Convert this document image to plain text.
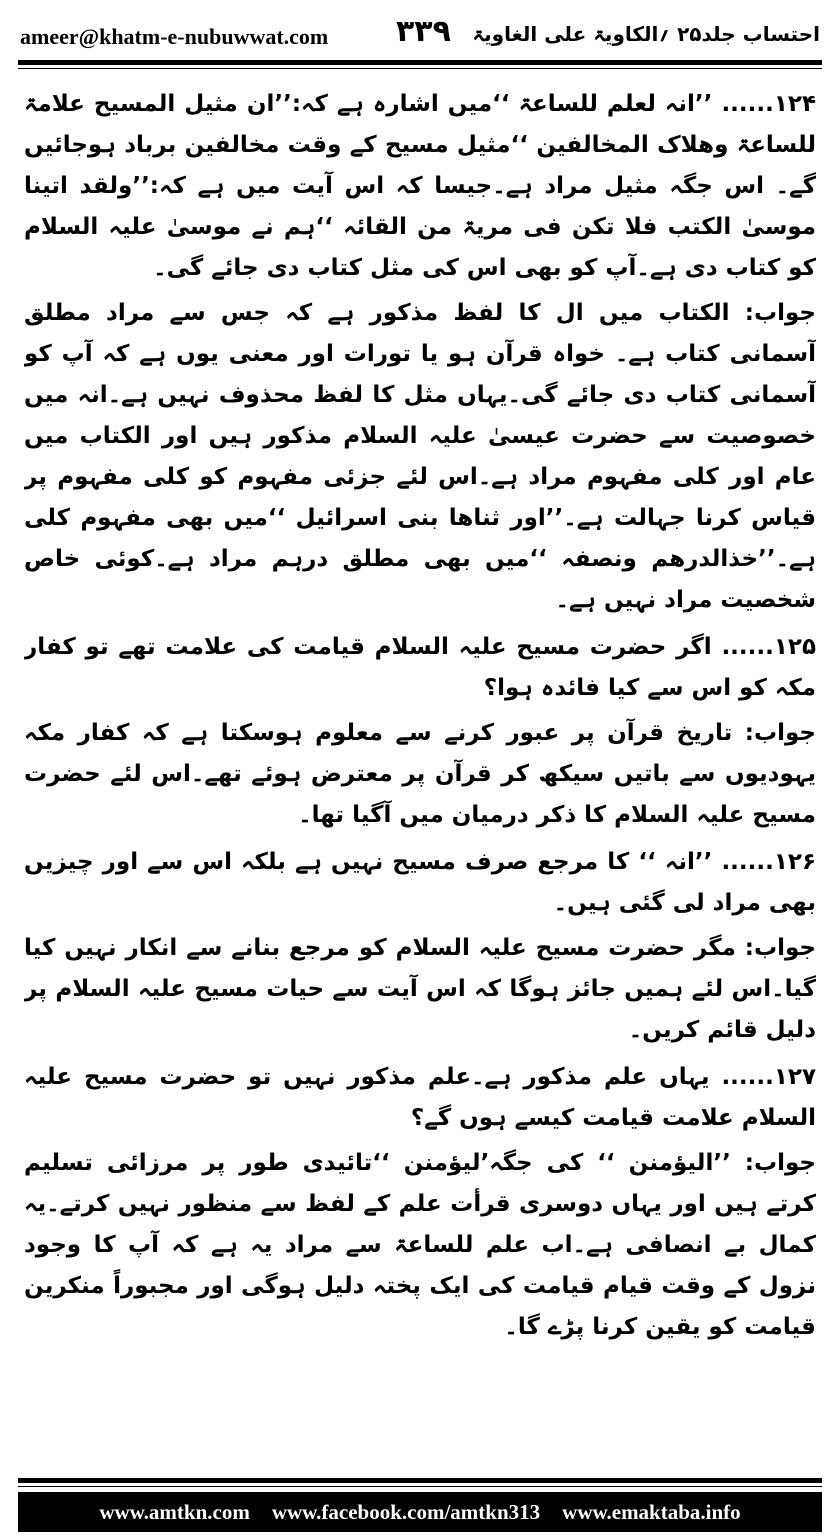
ameer@khatm-e-nubuwwat.com ۳۳۹ احتساب جلد۲۵ ؍الکاویۃ علی الغاویۃ

۱۲۴...... ’’انہ لعلم للساعۃ ‘‘میں اشارہ ہے کہ:’’ان مثیل المسیح علامۃ للساعۃ وھلاک المخالفین ‘‘مثیل مسیح کے وقت مخالفین برباد ہوجائیں گے۔ اس جگہ مثیل مراد ہے۔جیسا کہ اس آیت میں ہے کہ:’’ولقد اتینا موسیٰ الکتب فلا تکن فی مریۃ من القائہ ‘‘ہم نے موسیٰ علیہ السلام کو کتاب دی ہے۔آپ کو بھی اس کی مثل کتاب دی جائے گی۔

جواب: الکتاب میں ال کا لفظ مذکور ہے کہ جس سے مراد مطلق آسمانی کتاب ہے۔ خواہ قرآن ہو یا تورات اور معنی یوں ہے کہ آپ کو آسمانی کتاب دی جائے گی۔یہاں مثل کا لفظ محذوف نہیں ہے۔انہ میں خصوصیت سے حضرت عیسیٰ علیہ السلام مذکور ہیں اور الکتاب میں عام اور کلی مفہوم مراد ہے۔اس لئے جزئی مفہوم کو کلی مفہوم پر قیاس کرنا جہالت ہے۔’’اور ثناھا بنی اسرائیل ‘‘میں بھی مفہوم کلی ہے۔’’خذالدرھم ونصفہ ‘‘میں بھی مطلق درہم مراد ہے۔کوئی خاص شخصیت مراد نہیں ہے۔

۱۲۵...... اگر حضرت مسیح علیہ السلام قیامت کی علامت تھے تو کفار مکہ کو اس سے کیا فائدہ ہوا؟

جواب: تاریخ قرآن پر عبور کرنے سے معلوم ہوسکتا ہے کہ کفار مکہ یہودیوں سے باتیں سیکھ کر قرآن پر معترض ہوئے تھے۔اس لئے حضرت مسیح علیہ السلام کا ذکر درمیان میں آگیا تھا۔

۱۲۶...... ’’انہ ‘‘ کا مرجع صرف مسیح نہیں ہے بلکہ اس سے اور چیزیں بھی مراد لی گئی ہیں۔

جواب: مگر حضرت مسیح علیہ السلام کو مرجع بنانے سے انکار نہیں کیا گیا۔اس لئے ہمیں جائز ہوگا کہ اس آیت سے حیات مسیح علیہ السلام پر دلیل قائم کریں۔

۱۲۷...... یہاں علم مذکور ہے۔علم مذکور نہیں تو حضرت مسیح علیہ السلام علامت قیامت کیسے ہوں گے؟

جواب: ’’الیؤمنن ‘‘ کی جگہ’لیؤمنن ‘‘تائیدی طور پر مرزائی تسلیم کرتے ہیں اور یہاں دوسری قرأت علم کے لفظ سے منظور نہیں کرتے۔یہ کمال بے انصافی ہے۔اب علم للساعۃ سے مراد یہ ہے کہ آپ کا وجود نزول کے وقت قیام قیامت کی ایک پختہ دلیل ہوگی اور مجبوراً منکرین قیامت کو یقین کرنا پڑے گا۔

www.amtkn.com www.facebook.com/amtkn313 www.emaktaba.info
